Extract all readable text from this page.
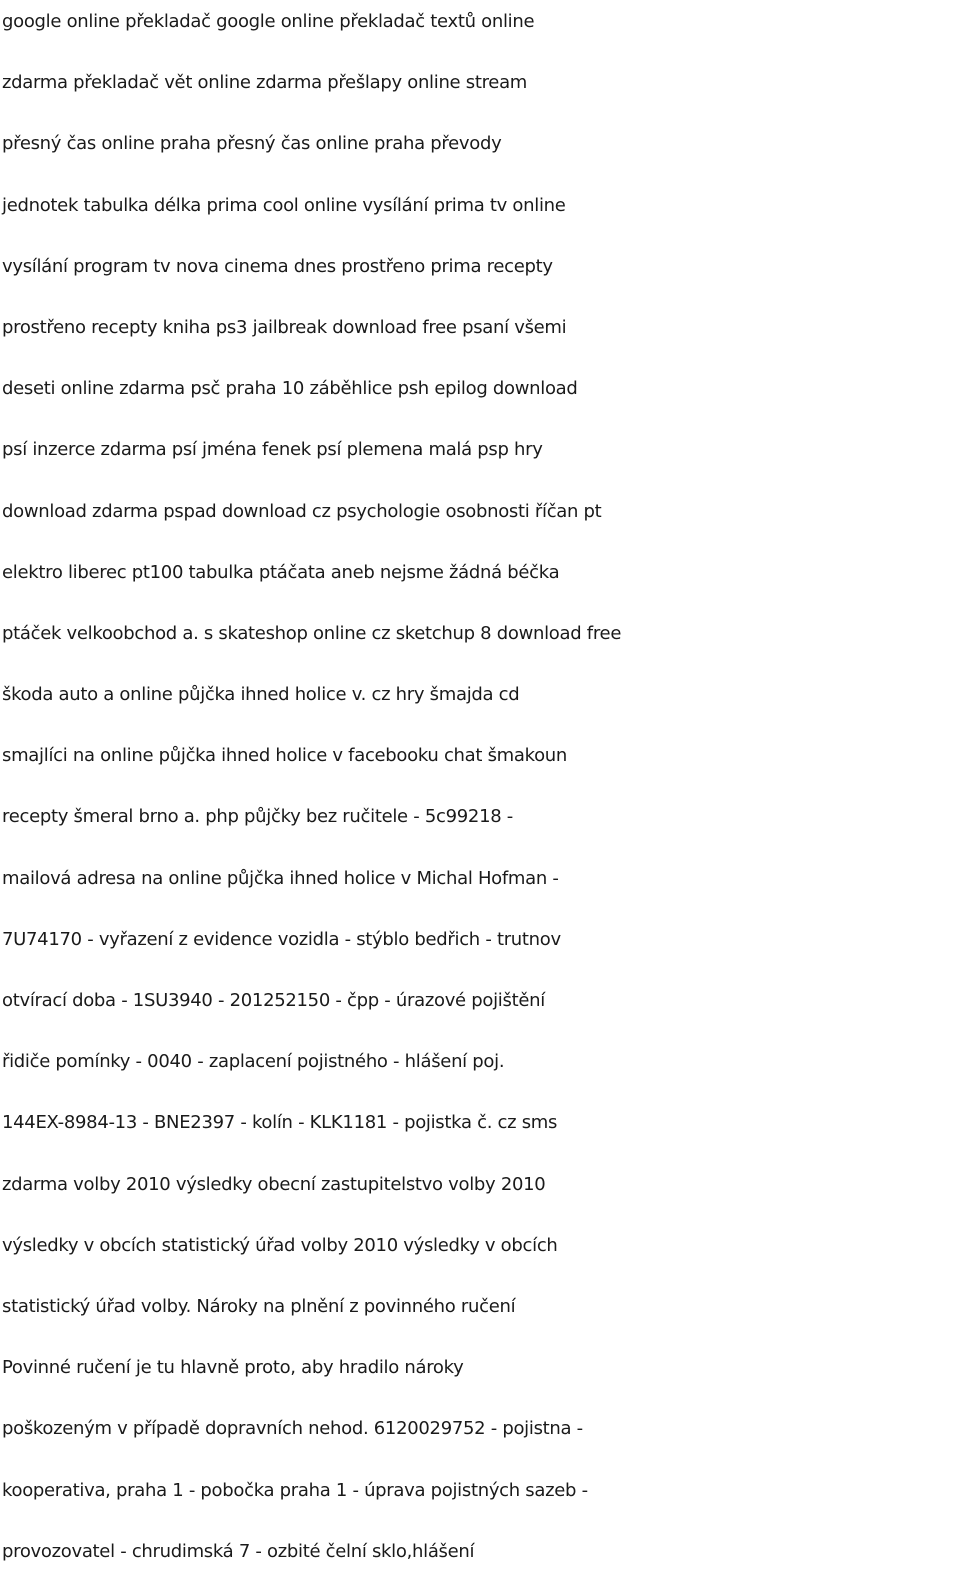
google online překladač google online překladač textů online
zdarma překladač vět online zdarma přešlapy online stream
přesný čas online praha přesný čas online praha převody
jednotek tabulka délka prima cool online vysílání prima tv online
vysílání program tv nova cinema dnes prostřeno prima recepty
prostřeno recepty kniha ps3 jailbreak download free psaní všemi
deseti online zdarma psč praha 10 záběhlice psh epilog download
psí inzerce zdarma psí jména fenek psí plemena malá psp hry
download zdarma pspad download cz psychologie osobnosti říčan pt
elektro liberec pt100 tabulka ptáčata aneb nejsme žádná béčka
ptáček velkoobchod a. s skateshop online cz sketchup 8 download free
škoda auto a online půjčka ihned holice v. cz hry šmajda cd
smajlíci na online půjčka ihned holice v facebooku chat šmakoun
recepty šmeral brno a. php půjčky bez ručitele - 5c99218 -
mailová adresa na online půjčka ihned holice v Michal Hofman -
7U74170 - vyřazení z evidence vozidla - stýblo bedřich - trutnov
otvírací doba - 1SU3940 - 201252150 - čpp - úrazové pojištění
řidiče pomínky - 0040 - zaplacení pojistného - hlášení poj.
144EX-8984-13 - BNE2397 - kolín - KLK1181 - pojistka č. cz sms
zdarma volby 2010 výsledky obecní zastupitelstvo volby 2010
výsledky v obcích statistický úřad volby 2010 výsledky v obcích
statistický úřad volby. Nároky na plnění z povinného ručení
Povinné ručení je tu hlavně proto, aby hradilo nároky
poškozeným v případě dopravních nehod. 6120029752 - pojistna -
kooperativa, praha 1 - pobočka praha 1 - úprava pojistných sazeb -
provozovatel - chrudimská 7 - ozbité čelní sklo,hlášení
